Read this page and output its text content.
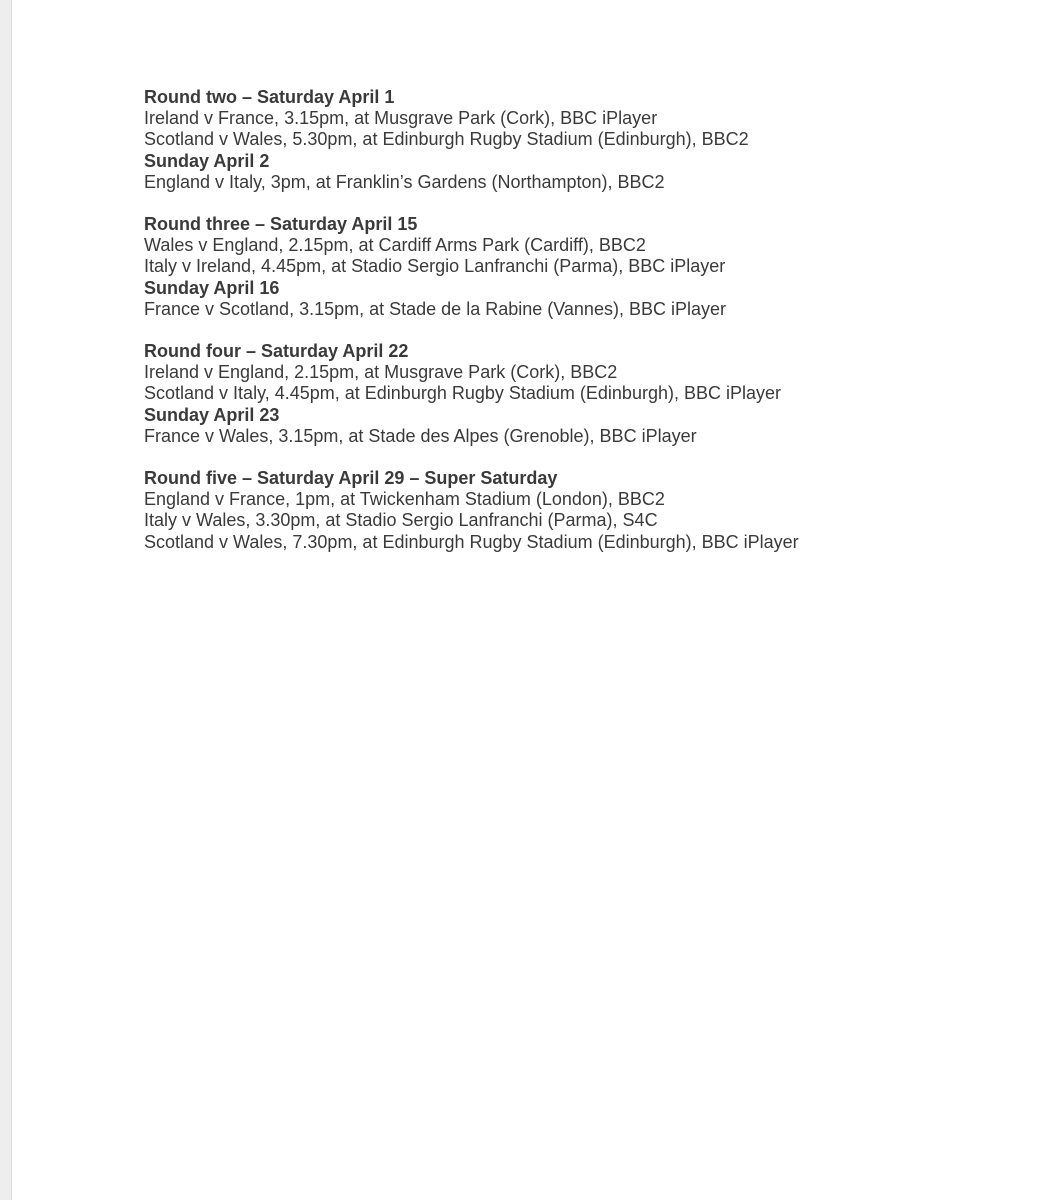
Round two – Saturday April 1
Ireland v France, 3.15pm, at Musgrave Park (Cork), BBC iPlayer
Scotland v Wales, 5.30pm, at Edinburgh Rugby Stadium (Edinburgh), BBC2
Sunday April 2
England v Italy, 3pm, at Franklin’s Gardens (Northampton), BBC2
Round three – Saturday April 15
Wales v England, 2.15pm, at Cardiff Arms Park (Cardiff), BBC2
Italy v Ireland, 4.45pm, at Stadio Sergio Lanfranchi (Parma), BBC iPlayer
Sunday April 16
France v Scotland, 3.15pm, at Stade de la Rabine (Vannes), BBC iPlayer
Round four – Saturday April 22
Ireland v England, 2.15pm, at Musgrave Park (Cork), BBC2
Scotland v Italy, 4.45pm, at Edinburgh Rugby Stadium (Edinburgh), BBC iPlayer
Sunday April 23
France v Wales, 3.15pm, at Stade des Alpes (Grenoble), BBC iPlayer
Round five – Saturday April 29 – Super Saturday
England v France, 1pm, at Twickenham Stadium (London), BBC2
Italy v Wales, 3.30pm, at Stadio Sergio Lanfranchi (Parma), S4C
Scotland v Wales, 7.30pm, at Edinburgh Rugby Stadium (Edinburgh), BBC iPlayer
